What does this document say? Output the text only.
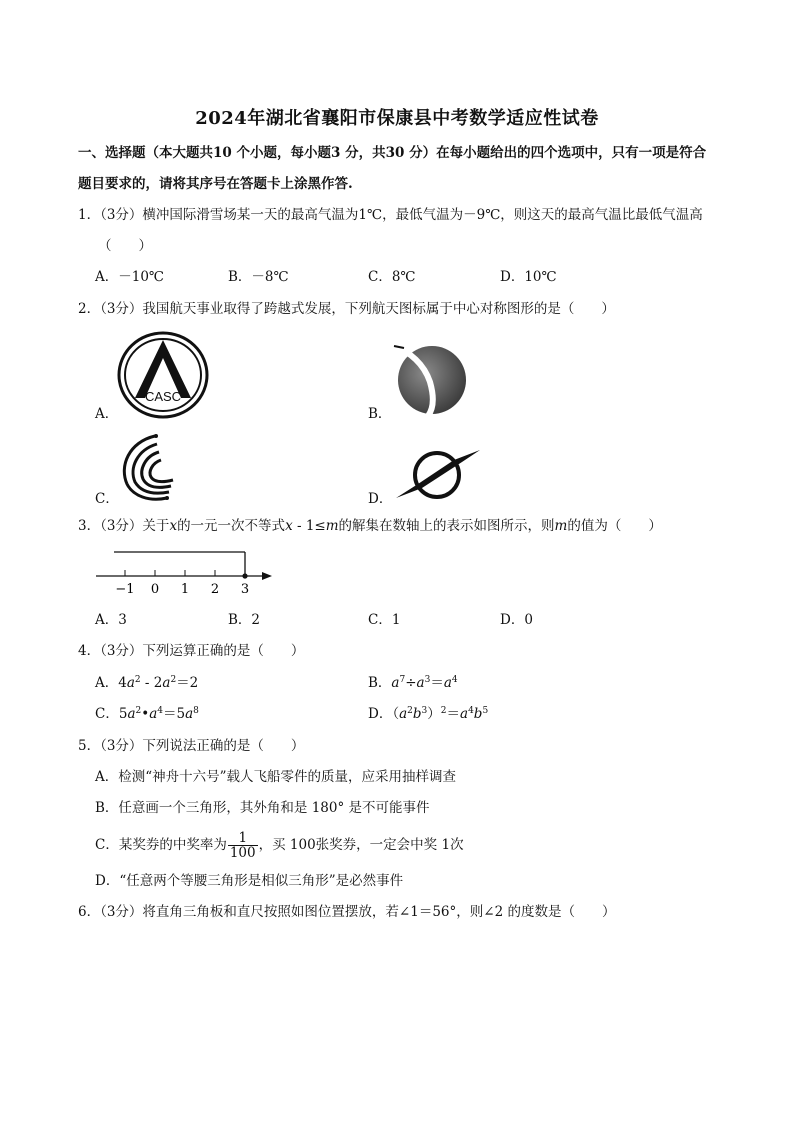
2024年湖北省襄阳市保康县中考数学适应性试卷
一、选择题（本大题共10 个小题，每小题3 分，共30 分）在每小题给出的四个选项中，只有一项是符合
题目要求的，请将其序号在答题卡上涂黑作答.
1．（3分）横冲国际滑雪场某一天的最高气温为1℃，最低气温为－9℃，则这天的最高气温比最低气温高
（　　）
A．－10℃	B．－8℃	C．8℃	D．10℃
2．（3分）我国航天事业取得了跨越式发展，下列航天图标属于中心对称图形的是（　　）
A．
CASC
B．
C．	D．
3．（3分）关于x的一元一次不等式x - 1≤m的解集在数轴上的表示如图所示，则m的值为（　　）
−1 0 1 2 3
A．3	B．2	C．1	D．0
4．（3分）下列运算正确的是（　　）
A．$4a^2 - 2a^2=2$	B．$a^7\div a^3=a^4$
C．$5a^2•a^4=5a^8$	D．$(a^2b^3)^2=a^4b^5$
5．（3分）下列说法正确的是（　　）
A．检测“神舟十六号”载人飞船零件的质量，应采用抽样调查
B．任意画一个三角形，其外角和是 180° 是不可能事件
C．某奖券的中奖率为 $\frac{1}{100}$ ，买 100张奖券，一定会中奖 1次
D．“任意两个等腰三角形是相似三角形”是必然事件
6．（3分）将直角三角板和直尺按照如图位置摆放，若∠1＝56°，则∠2 的度数是（　　）
